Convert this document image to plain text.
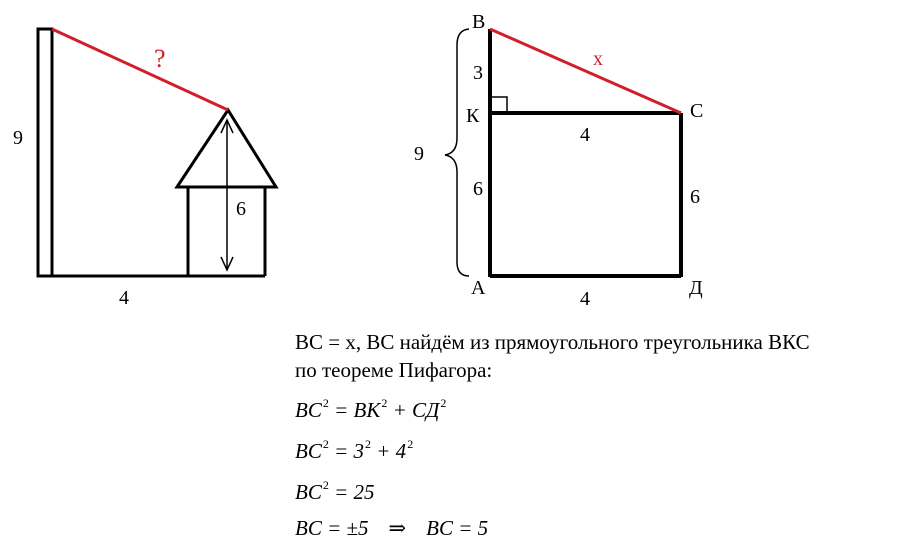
9
6
4
?
В
К	С
А	Д
3
6
9
4
6
4
x
ВС = х, ВС найдём из прямоугольного треугольника ВКС
по теореме Пифагора:
$BC^2 = BK^2 + CД^2$
$BC^2 = 3^2 + 4^2$
$BC^2 = 25$
BC = ±5 ⇒ BC = 5
